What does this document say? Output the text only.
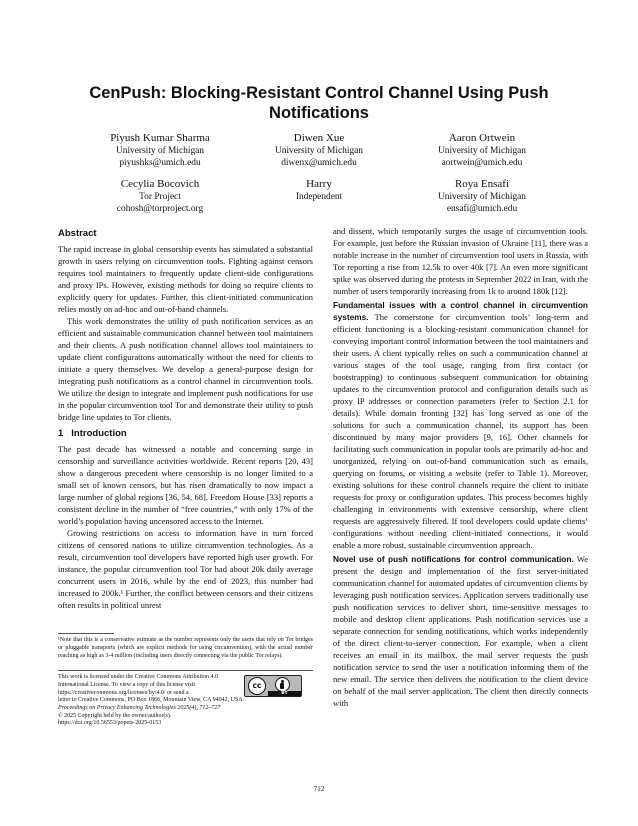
CenPush: Blocking-Resistant Control Channel Using Push Notifications
Piyush Kumar Sharma
University of Michigan
piyushks@umich.edu
Diwen Xue
University of Michigan
diwenx@umich.edu
Aaron Ortwein
University of Michigan
aortwein@umich.edu
Cecylia Bocovich
Tor Project
cohosh@torproject.org
Harry
Independent
Roya Ensafi
University of Michigan
ensafi@umich.edu
Abstract

The rapid increase in global censorship events has stimulated a substantial growth in users relying on circumvention tools. Fighting against censors requires tool maintainers to frequently update client-side configurations and proxy IPs. However, existing methods for doing so require clients to explicitly query for updates. Further, this client-initiated communication relies mostly on ad-hoc and out-of-band channels.

This work demonstrates the utility of push notification services as an efficient and sustainable communication channel between tool maintainers and their clients. A push notification channel allows tool maintainers to update client configurations automatically without the need for clients to initiate a query themselves. We develop a general-purpose design for integrating push notifications as a control channel in circumvention tools. We utilize the design to integrate and implement push notifications for use in the popular circumvention tool Tor and demonstrate their utility to push bridge line updates to Tor clients.

1 Introduction

The past decade has witnessed a notable and concerning surge in censorship and surveillance activities worldwide. Recent reports [20, 43] show a dangerous precedent where censorship is no longer limited to a small set of known censors, but has risen dramatically to now impact a large number of global regions [36, 54, 68]. Freedom House [33] reports a consistent decline in the number of “free countries,” with only 17% of the world’s population having uncensored access to the Internet.

Growing restrictions on access to information have in turn forced citizens of censored nations to utilize circumvention technologies. As a result, circumvention tool developers have reported high user growth. For instance, the popular circumvention tool Tor had about 20k daily average concurrent users in 2016, while by the end of 2023, this number had increased to 200k.¹ Further, the conflict between censors and their citizens often results in political unrest

¹Note that this is a conservative estimate as the number represents only the users that rely on Tor bridges or pluggable transports (which are explicit methods for using circumvention), with the actual number reaching as high as 3-4 million (including users directly connecting via the public Tor relays).
This work is licensed under the Creative Commons Attribution 4.0 International License. To view a copy of this license visit https://creativecommons.org/licenses/by/4.0/ or send a
cc
BY
letter to Creative Commons, PO Box 1866, Mountain View, CA 94042, USA.
Proceedings on Privacy Enhancing Technologies 2025(4), 712–727
© 2025 Copyright held by the owner/author(s).
https://doi.org/10.56553/popets-2025-0153

and dissent, which temporarily surges the usage of circumvention tools. For example, just before the Russian invasion of Ukraine [11], there was a notable increase in the number of circumvention tool users in Russia, with Tor reporting a rise from 12.5k to over 40k [7]. An even more significant spike was observed during the protests in September 2022 in Iran, with the number of users temporarily increasing from 1k to around 180k [12].

Fundamental issues with a control channel in circumvention systems. The cornerstone for circumvention tools’ long-term and efficient functioning is a blocking-resistant communication channel for conveying important control information between the tool maintainers and their users. A client typically relies on such a communication channel at various stages of the tool usage, ranging from first contact (or bootstrapping) to continuous subsequent communication for obtaining updates to the circumvention protocol and configuration details such as proxy IP addresses or connection parameters (refer to Section 2.1 for details). While domain fronting [32] has long served as one of the solutions for such a communication channel, its support has been discontinued by many major providers [9, 16]. Other channels for facilitating such communication in popular tools are primarily ad-hoc and unorganized, relying on out-of-band communication such as emails, querying on forums, or visiting a website (refer to Table 1). Moreover, existing solutions for these control channels require the client to initiate requests for proxy or configuration updates. This process becomes highly challenging in environments with extensive censorship, where client requests are aggressively filtered. If tool developers could update clients’ configurations without needing client-initiated connections, it would enable a more robust, sustainable circumvention approach.

Novel use of push notifications for control communication. We present the design and implementation of the first server-initiated communication channel for automated updates of circumvention clients by leveraging push notification services. Application servers traditionally use push notification services to deliver short, time-sensitive messages to mobile and desktop client applications. Push notification services use a separate connection for sending notifications, which works independently of the direct client-to-server connection. For example, when a client receives an email in its mailbox, the mail server requests the push notification service to send the user a notification informing them of the new email. The service then delivers the notification to the client device on behalf of the mail server application. The client then directly connects with

712
